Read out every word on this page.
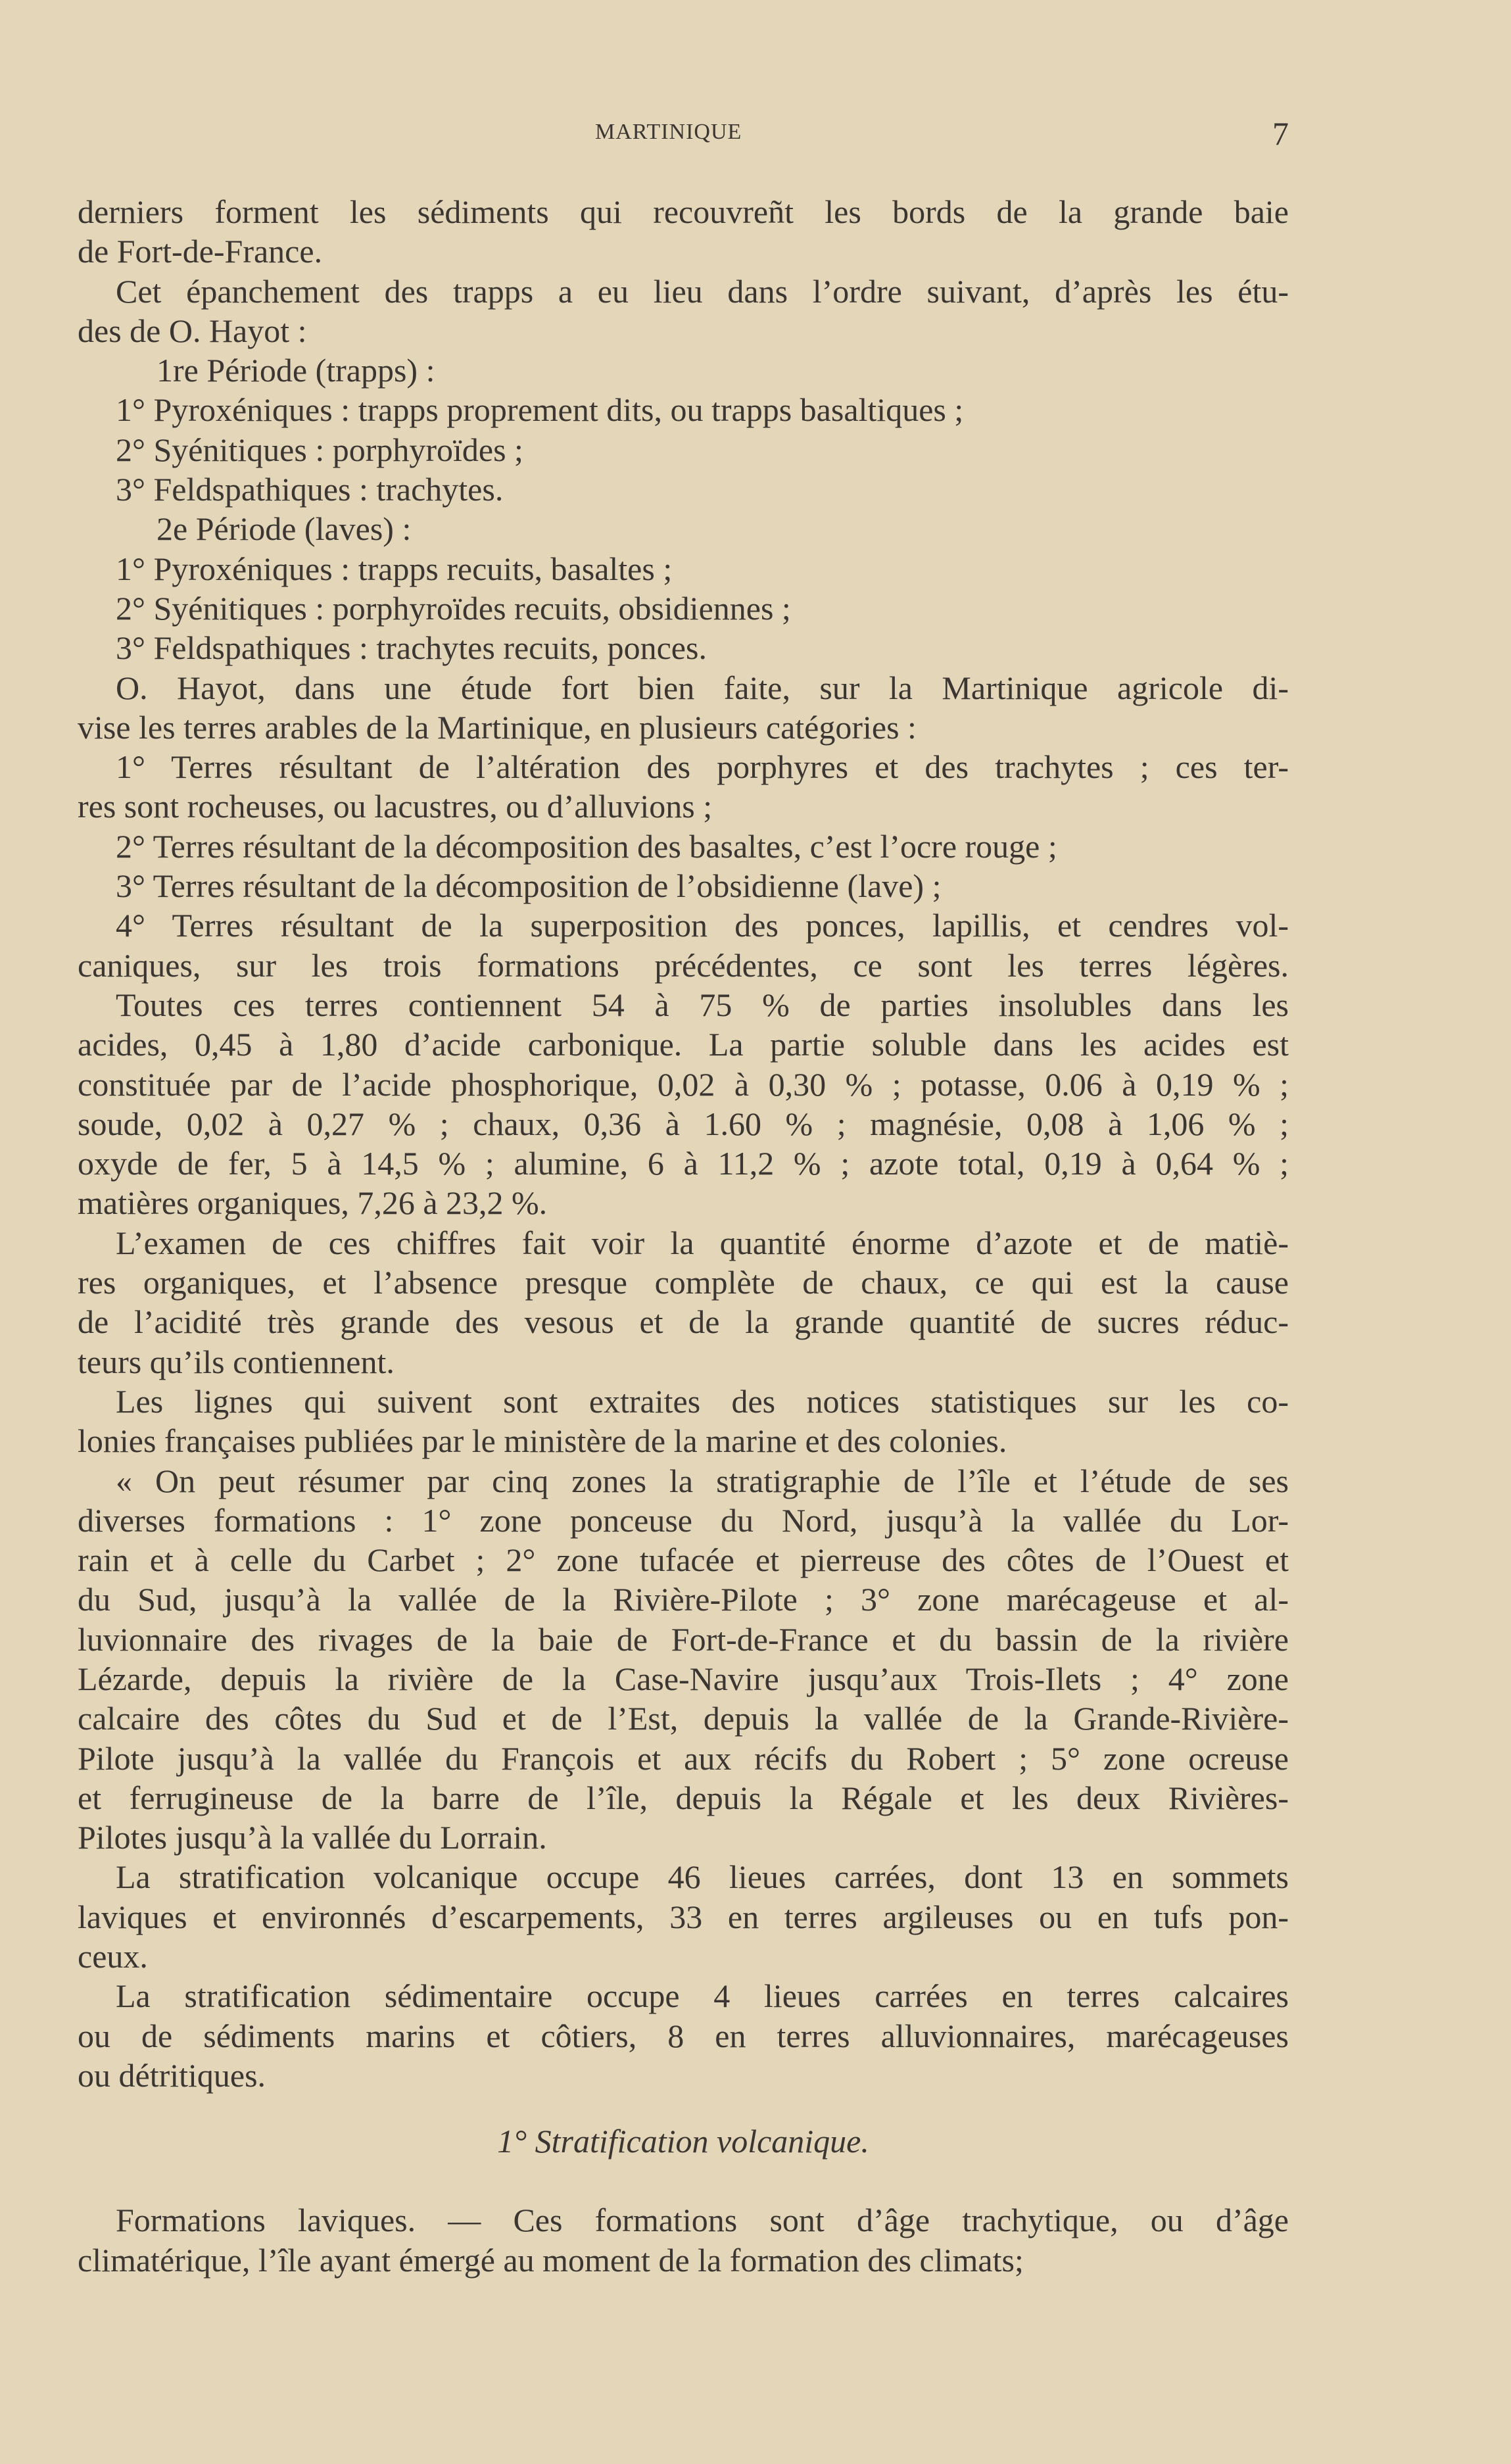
MARTINIQUE	7
derniers forment les sédiments qui recouvreñt les bords de la grande baie
de Fort-de-France.
Cet épanchement des trapps a eu lieu dans l’ordre suivant, d’après les étu-
des de O. Hayot :
1re Période (trapps) :
1° Pyroxéniques : trapps proprement dits, ou trapps basaltiques ;
2° Syénitiques : porphyroïdes ;
3° Feldspathiques : trachytes.
2e Période (laves) :
1° Pyroxéniques : trapps recuits, basaltes ;
2° Syénitiques : porphyroïdes recuits, obsidiennes ;
3° Feldspathiques : trachytes recuits, ponces.
O. Hayot, dans une étude fort bien faite, sur la Martinique agricole di-
vise les terres arables de la Martinique, en plusieurs catégories :
1° Terres résultant de l’altération des porphyres et des trachytes ; ces ter-
res sont rocheuses, ou lacustres, ou d’alluvions ;
2° Terres résultant de la décomposition des basaltes, c’est l’ocre rouge ;
3° Terres résultant de la décomposition de l’obsidienne (lave) ;
4° Terres résultant de la superposition des ponces, lapillis, et cendres vol-
caniques, sur les trois formations précédentes, ce sont les terres légères.
Toutes ces terres contiennent 54 à 75 % de parties insolubles dans les
acides, 0,45 à 1,80 d’acide carbonique. La partie soluble dans les acides est
constituée par de l’acide phosphorique, 0,02 à 0,30 % ; potasse, 0.06 à 0,19 % ;
soude, 0,02 à 0,27 % ; chaux, 0,36 à 1.60 % ; magnésie, 0,08 à 1,06 % ;
oxyde de fer, 5 à 14,5 % ; alumine, 6 à 11,2 % ; azote total, 0,19 à 0,64 % ;
matières organiques, 7,26 à 23,2 %.
L’examen de ces chiffres fait voir la quantité énorme d’azote et de matiè-
res organiques, et l’absence presque complète de chaux, ce qui est la cause
de l’acidité très grande des vesous et de la grande quantité de sucres réduc-
teurs qu’ils contiennent.
Les lignes qui suivent sont extraites des notices statistiques sur les co-
lonies françaises publiées par le ministère de la marine et des colonies.
« On peut résumer par cinq zones la stratigraphie de l’île et l’étude de ses
diverses formations : 1° zone ponceuse du Nord, jusqu’à la vallée du Lor-
rain et à celle du Carbet ; 2° zone tufacée et pierreuse des côtes de l’Ouest et
du Sud, jusqu’à la vallée de la Rivière-Pilote ; 3° zone marécageuse et al-
luvionnaire des rivages de la baie de Fort-de-France et du bassin de la rivière
Lézarde, depuis la rivière de la Case-Navire jusqu’aux Trois-Ilets ; 4° zone
calcaire des côtes du Sud et de l’Est, depuis la vallée de la Grande-Rivière-
Pilote jusqu’à la vallée du François et aux récifs du Robert ; 5° zone ocreuse
et ferrugineuse de la barre de l’île, depuis la Régale et les deux Rivières-
Pilotes jusqu’à la vallée du Lorrain.
La stratification volcanique occupe 46 lieues carrées, dont 13 en sommets
laviques et environnés d’escarpements, 33 en terres argileuses ou en tufs pon-
ceux.
La stratification sédimentaire occupe 4 lieues carrées en terres calcaires
ou de sédiments marins et côtiers, 8 en terres alluvionnaires, marécageuses
ou détritiques.
1° Stratification volcanique.
Formations laviques. — Ces formations sont d’âge trachytique, ou d’âge
climatérique, l’île ayant émergé au moment de la formation des climats;
